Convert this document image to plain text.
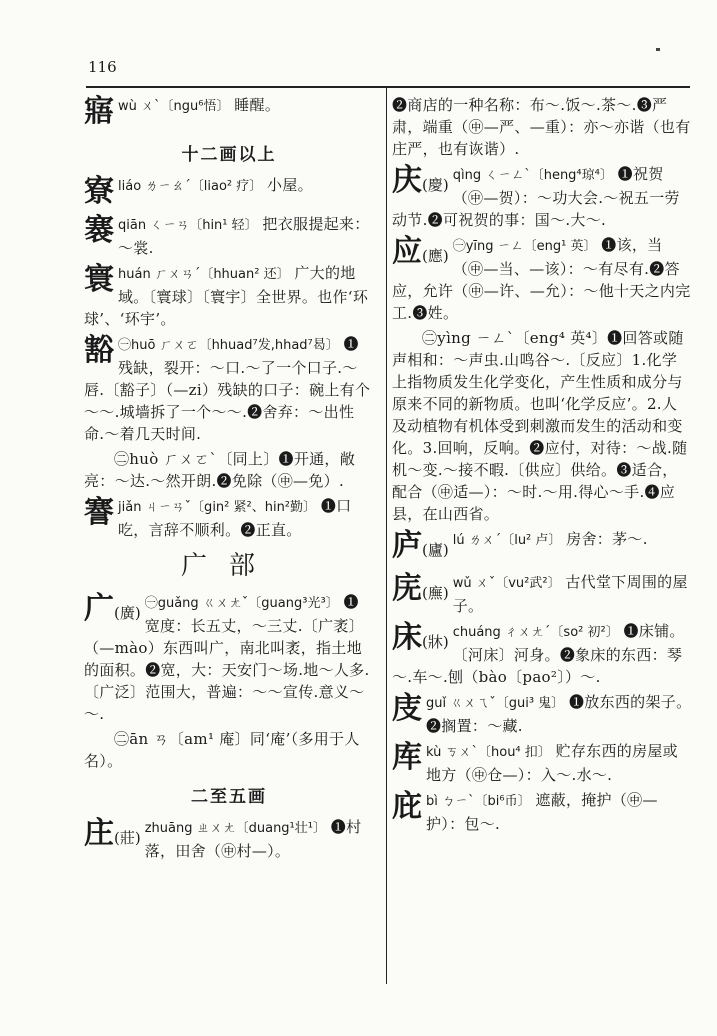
116
寤 wù ㄨˋ〔ngu⁶悟〕 睡醒。
十二画以上
寮 liáo ㄌㄧㄠˊ〔liao² 疗〕 小屋。
褰 qiān ㄑㄧㄢ〔hin¹ 轻〕 把衣服提起来：～裳.
寰 huán ㄏㄨㄢˊ〔hhuan² 还〕 广大的地域。〔寰球〕〔寰宇〕全世界。也作‘环球’、‘环宇’。
豁 ㊀huō ㄏㄨㄛ〔hhuad⁷发,hhad⁷曷〕 ❶残缺，裂开：～口.～了一个口子.～唇.〔豁子〕（—zi）残缺的口子：碗上有个～～.城墙拆了一个～～.❷舍弃：～出性命.～着几天时间.
㊁huò ㄏㄨㄛˋ〔同上〕❶开通，敞亮：～达.～然开朗.❷免除（㊥—免）.
謇 jiǎn ㄐㄧㄢˇ〔gin² 紧²、hin²勤〕 ❶口吃，言辞不顺利。❷正直。
广部
广(廣)
㊀guǎng ㄍㄨㄤˇ〔guang³光³〕 ❶宽度：长五丈，～三丈.〔广袤〕（—mào）东西叫广，南北叫袤，指土地的面积。❷宽，大：天安门～场.地～人多.〔广泛〕范围大，普遍：～～宣传.意义～～.
㊁ān ㄢ〔am¹ 庵〕同‘庵’（多用于人名）。
二至五画
庄(莊)
zhuāng ㄓㄨㄤ〔duang¹壮¹〕 ❶村落，田舍（㊥村—）。
❷商店的一种名称：布～.饭～.茶～.❸严肃，端重（㊥—严、—重）：亦～亦谐（也有庄严，也有诙谐）.
庆(慶)
qìng ㄑㄧㄥˋ〔heng⁴琼⁴〕 ❶祝贺（㊥—贺）：～功大会.～祝五一劳动节.❷可祝贺的事：国～.大～.
应(應)
㊀yīng ㄧㄥ〔eng¹ 英〕 ❶该，当（㊥—当、—该）：～有尽有.❷答应，允许（㊥—许、—允）：～他十天之内完工.❸姓。
㊁yìng ㄧㄥˋ〔eng⁴ 英⁴〕❶回答或随声相和：～声虫.山鸣谷～.〔反应〕1.化学上指物质发生化学变化，产生性质和成分与原来不同的新物质。也叫‘化学反应’。2.人及动植物有机体受到刺激而发生的活动和变化。3.回响，反响。❷应付，对待：～战.随机～变.～接不暇.〔供应〕供给。❸适合，配合（㊥适—）：～时.～用.得心～手.❹应县，在山西省。
庐(廬)
lú ㄌㄨˊ〔lu² 卢〕 房舍：茅～.
庑(廡)
wǔ ㄨˇ〔vu²武²〕 古代堂下周围的屋子。
床(牀)
chuáng ㄔㄨㄤˊ〔so² 初²〕 ❶床铺。〔河床〕河身。❷象床的东西：琴～.车～.刨（bào〔pao²〕）～.
庋 guǐ ㄍㄨㄟˇ〔gui³ 鬼〕 ❶放东西的架子。❷搁置：～藏.
库 kù ㄎㄨˋ〔hou⁴ 扣〕 贮存东西的房屋或地方（㊥仓—）：入～.水～.
庇 bì ㄅㄧˋ〔bi⁶币〕 遮蔽，掩护（㊥—护）：包～.
